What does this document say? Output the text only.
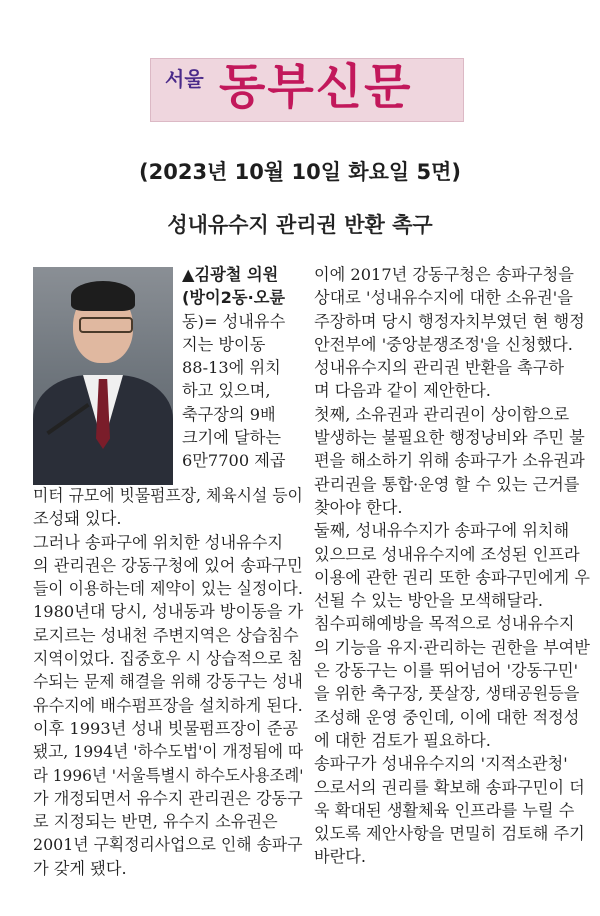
서울 동부신문
(2023년 10월 10일 화요일 5면)
성내유수지 관리권 반환 촉구

▲김광철 의원

(방이2동·오륜

동)= 성내유수

지는 방이동

88-13에 위치

하고 있으며,

축구장의 9배

크기에 달하는

6만7700 제곱

미터 규모에 빗물펌프장, 체육시설 등이

조성돼 있다.

그러나 송파구에 위치한 성내유수지

의 관리권은 강동구청에 있어 송파구민

들이 이용하는데 제약이 있는 실정이다.

1980년대 당시, 성내동과 방이동을 가

로지르는 성내천 주변지역은 상습침수

지역이었다. 집중호우 시 상습적으로 침

수되는 문제 해결을 위해 강동구는 성내

유수지에 배수펌프장을 설치하게 된다.

이후 1993년 성내 빗물펌프장이 준공

됐고, 1994년 '하수도법'이 개정됨에 따

라 1996년 '서울특별시 하수도사용조례'

가 개정되면서 유수지 관리권은 강동구

로 지정되는 반면, 유수지 소유권은

2001년 구획정리사업으로 인해 송파구

가 갖게 됐다.

이에 2017년 강동구청은 송파구청을

상대로 '성내유수지에 대한 소유권'을

주장하며 당시 행정자치부였던 현 행정

안전부에 '중앙분쟁조정'을 신청했다.

성내유수지의 관리권 반환을 촉구하

며 다음과 같이 제안한다.

첫째, 소유권과 관리권이 상이함으로

발생하는 불필요한 행정낭비와 주민 불

편을 해소하기 위해 송파구가 소유권과

관리권을 통합·운영 할 수 있는 근거를

찾아야 한다.

둘째, 성내유수지가 송파구에 위치해

있으므로 성내유수지에 조성된 인프라

이용에 관한 권리 또한 송파구민에게 우

선될 수 있는 방안을 모색해달라.

침수피해예방을 목적으로 성내유수지

의 기능을 유지·관리하는 권한을 부여받

은 강동구는 이를 뛰어넘어 '강동구민'

을 위한 축구장, 풋살장, 생태공원등을

조성해 운영 중인데, 이에 대한 적정성

에 대한 검토가 필요하다.

송파구가 성내유수지의 '지적소관청'

으로서의 권리를 확보해 송파구민이 더

욱 확대된 생활체육 인프라를 누릴 수

있도록 제안사항을 면밀히 검토해 주기

바란다.
